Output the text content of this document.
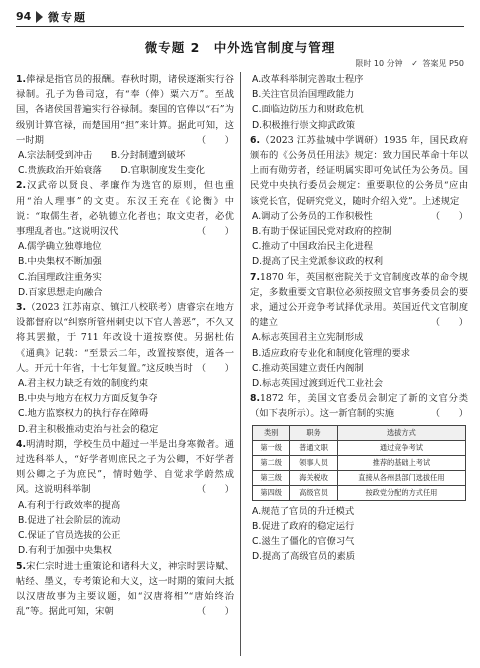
94 微专题
微专题 2　中外选官制度与管理
限时 10 分钟 ✓ 答案见 P50

1.俸禄是指官员的报酬。春秋时期，诸侯逐渐实行谷禄制。孔子为鲁司寇，有“奉（俸）粟六万”。至战国，各诸侯国普遍实行谷禄制。秦国的官俸以“石”为级别计算官禄，而楚国用“担”来计算。据此可知，这一时期	（　　）

A.宗法制受到冲击　　 B.分封制遭到破坏

C.贵族政治开始衰落　　 D.官职制度发生变化

2.汉武帝以贤良、孝廉作为选官的原则，但也重用“治人理事”的文吏。东汉王充在《论衡》中说：“取儒生者，必轨德立化者也；取文吏者，必优事理乱者也。”这说明汉代	（　　）

A.儒学确立独尊地位

B.中央集权不断加强

C.治国理政注重务实

D.百家思想走向融合

3.（2023 江苏南京、镇江八校联考）唐睿宗在地方设都督府以“纠察所管州刺史以下官人善恶”，不久又将其罢撤，于 711 年改设十道按察使。另据杜佑《通典》记载：“至景云二年，改置按察使，道各一人。开元十年省，十七年复置。”这反映当时 （　　）

A.君主权力缺乏有效的制度约束

B.中央与地方在权力方面反复争夺

C.地方监察权力的执行存在障碍

D.君主积极推动吏治与社会的稳定

4.明清时期，学校生员中超过一半是出身寒微者。通过选科举人，“好学者则庶民之子为公卿，不好学者则公卿之子为庶民”，情时勉学、自觉求学蔚然成风。这说明科举制	（　　）

A.有利于行政效率的提高

B.促进了社会阶层的流动

C.保证了官员选拔的公正

D.有利于加强中央集权

5.宋仁宗时进士重策论和诸科大义，神宗时罢诗赋、帖经、墨义，专考策论和大义，这一时期的策问大抵以汉唐故事为主要议题，如“汉唐将相”“唐始终治乱”等。据此可知，宋朝	（　　）

A.改革科举制完善取士程序

B.关注官员治国理政能力

C.面临边防压力和财政危机

D.积极推行崇文抑武政策

6.（2023 江苏盐城中学调研）1935 年，国民政府颁布的《公务员任用法》规定：致力国民革命十年以上而有勋劳者，经证明属实即可免试任为公务员。国民党中央执行委员会规定：重要职位的公务员“应由该党长官，促研究党义，随时介绍入党”。上述规定
（　　）

A.调动了公务员的工作积极性

B.有助于保证国民党对政府的控制

C.推动了中国政治民主化进程

D.提高了民主党派参议政的权利

7.1870 年，英国枢密院关于文官制度改革的命令规定，多数重要文官职位必须按照文官事务委员会的要求，通过公开竞争考试择优录用。英国近代文官制度的建立	（　　）

A.标志英国君主立宪制形成

B.适应政府专业化和制度化管理的要求

C.推动英国建立责任内阁制

D.标志英国过渡到近代工业社会

8.1872 年，美国文官委员会制定了新的文官分类（如下表所示）。这一新官制的实施	（　　）

类别	职务	选拔方式
第一级	普通文职	通过竞争考试
第二级	领事人员	推荐的基础上考试
第三级	海关税收	直接从各州县部门选拔任用
第四级	高级官员	按政党分配的方式任用

A.规范了官员的升迁模式

B.促进了政府的稳定运行

C.滋生了僵化的官僚习气

D.提高了高级官员的素质
